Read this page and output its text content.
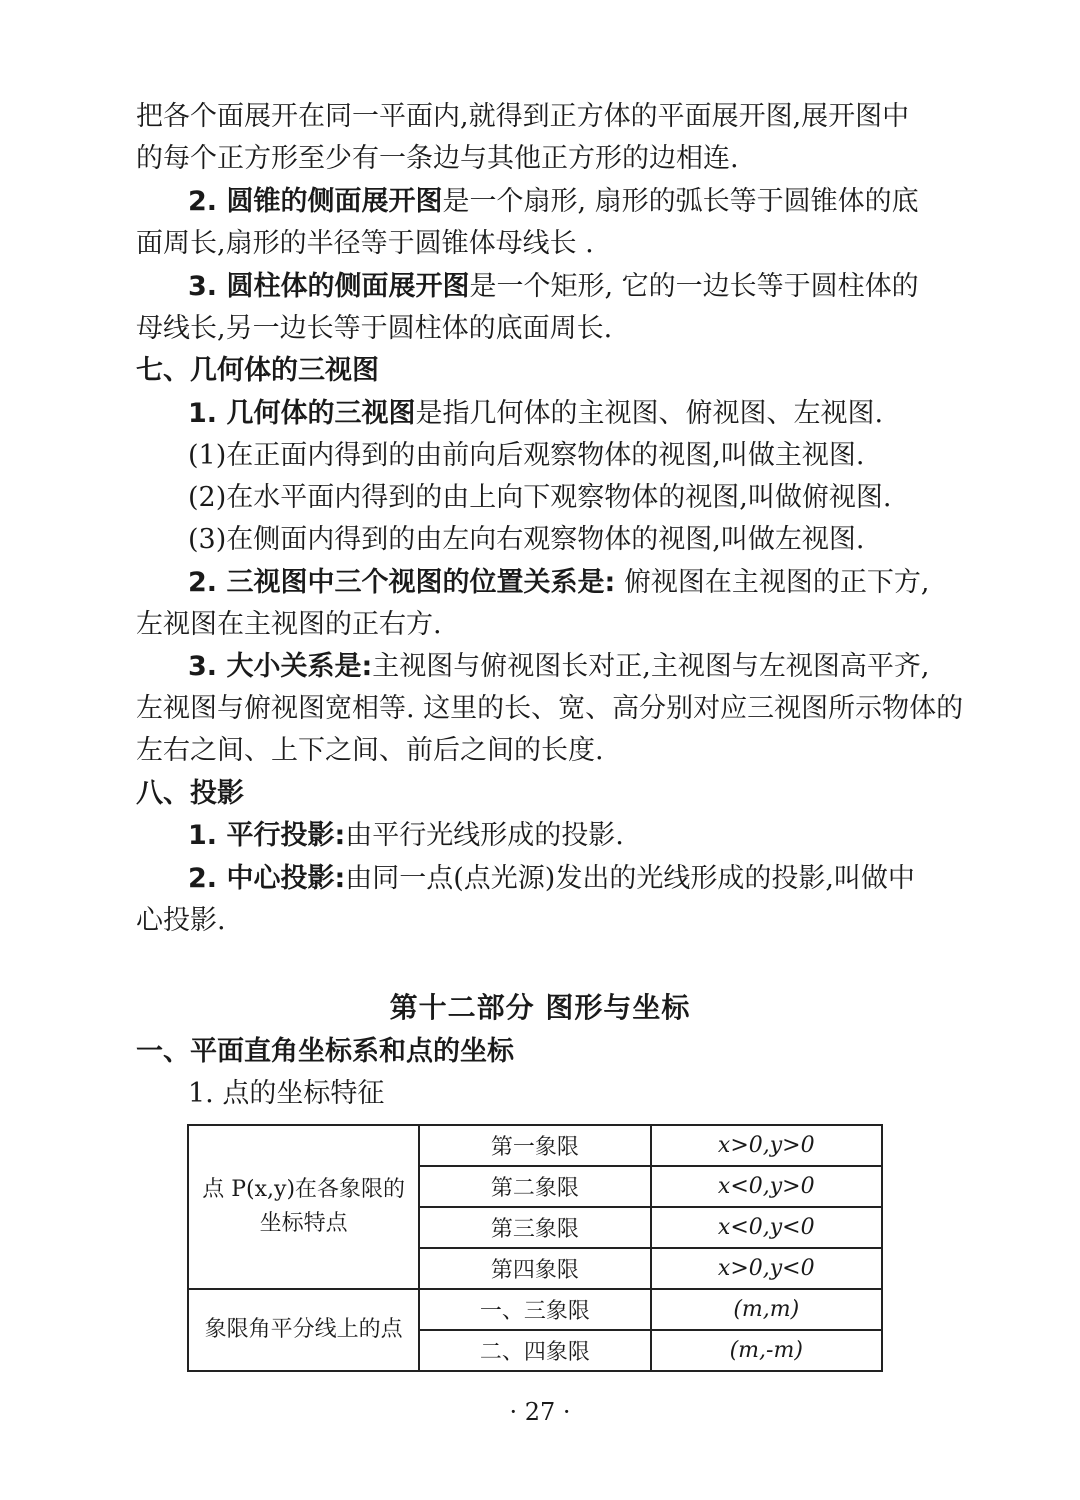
把各个面展开在同一平面内,就得到正方体的平面展开图,展开图中
的每个正方形至少有一条边与其他正方形的边相连.
2. 圆锥的侧面展开图是一个扇形, 扇形的弧长等于圆锥体的底
面周长,扇形的半径等于圆锥体母线长 .
3. 圆柱体的侧面展开图是一个矩形, 它的一边长等于圆柱体的
母线长,另一边长等于圆柱体的底面周长.
七、几何体的三视图
1. 几何体的三视图是指几何体的主视图、俯视图、左视图.
(1)在正面内得到的由前向后观察物体的视图,叫做主视图.
(2)在水平面内得到的由上向下观察物体的视图,叫做俯视图.
(3)在侧面内得到的由左向右观察物体的视图,叫做左视图.
2. 三视图中三个视图的位置关系是: 俯视图在主视图的正下方,
左视图在主视图的正右方.
3. 大小关系是:主视图与俯视图长对正,主视图与左视图高平齐,
左视图与俯视图宽相等. 这里的长、宽、高分别对应三视图所示物体的
左右之间、上下之间、前后之间的长度.
八、投影
1. 平行投影:由平行光线形成的投影.
2. 中心投影:由同一点(点光源)发出的光线形成的投影,叫做中
心投影.
第十二部分 图形与坐标
一、平面直角坐标系和点的坐标
1. 点的坐标特征
点 P(x,y)在各象限的
坐标特点	第一象限	x>0,y>0
	第二象限	x<0,y>0
	第三象限	x<0,y<0
	第四象限	x>0,y<0
象限角平分线上的点	一、三象限	(m,m)
	二、四象限	(m,-m)
· 27 ·
